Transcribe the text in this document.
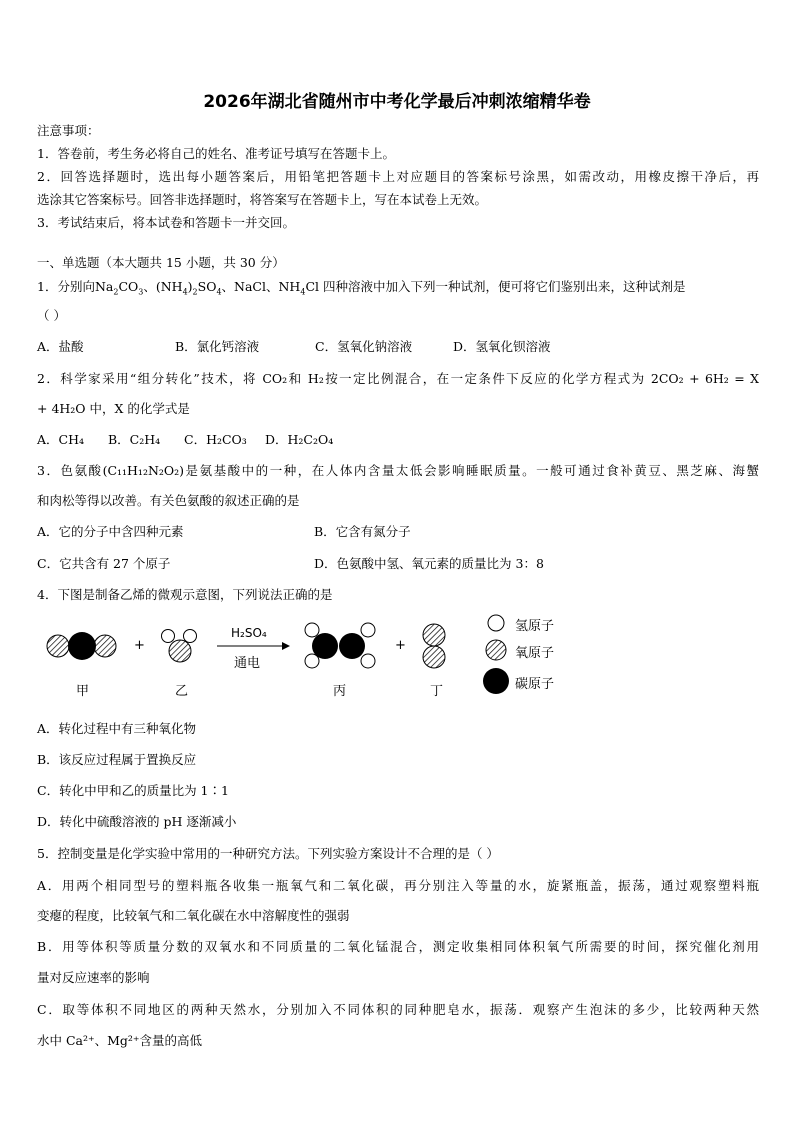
2026年湖北省随州市中考化学最后冲刺浓缩精华卷
注意事项：
1．答卷前，考生务必将自己的姓名、准考证号填写在答题卡上。
2．回答选择题时，选出每小题答案后，用铅笔把答题卡上对应题目的答案标号涂黑，如需改动，用橡皮擦干净后，再
选涂其它答案标号。回答非选择题时，将答案写在答题卡上，写在本试卷上无效。
3．考试结束后，将本试卷和答题卡一并交回。
一、单选题（本大题共 15 小题，共 30 分）
1．分别向$Na_2CO_3$、$(NH_4)_2SO_4$、NaCl、$NH_4Cl$ 四种溶液中加入下列一种试剂，便可将它们鉴别出来，这种试剂是
（ ）
A．盐酸	B．氯化钙溶液	C．氢氧化钠溶液	D．氢氧化钡溶液
2．科学家采用“组分转化”技术，将 CO₂和 H₂按一定比例混合，在一定条件下反应的化学方程式为 2CO₂ + 6H₂ = X
+ 4H₂O 中，X 的化学式是
A．CH₄ B．C₂H₄ C．H₂CO₃ D．H₂C₂O₄
3．色氨酸(C₁₁H₁₂N₂O₂)是氨基酸中的一种，在人体内含量太低会影响睡眠质量。一般可通过食补黄豆、黑芝麻、海蟹
和肉松等得以改善。有关色氨酸的叙述正确的是
A．它的分子中含四种元素	B．它含有氮分子
C．它共含有 27 个原子	D．色氨酸中氢、氧元素的质量比为 3：8
4．下图是制备乙烯的微观示意图，下列说法正确的是
+	+
H₂SO₄
通电
甲	乙	丙	丁
氢原子
氧原子
碳原子
A．转化过程中有三种氧化物
B．该反应过程属于置换反应
C．转化中甲和乙的质量比为 1∶1
D．转化中硫酸溶液的 pH 逐渐减小
5．控制变量是化学实验中常用的一种研究方法。下列实验方案设计不合理的是（ ）
A．用两个相同型号的塑料瓶各收集一瓶氧气和二氧化碳，再分别注入等量的水，旋紧瓶盖，振荡，通过观察塑料瓶
变瘪的程度，比较氧气和二氧化碳在水中溶解度性的强弱
B．用等体积等质量分数的双氧水和不同质量的二氧化锰混合，测定收集相同体积氧气所需要的时间，探究催化剂用
量对反应速率的影响
C．取等体积不同地区的两种天然水，分别加入不同体积的同种肥皂水，振荡．观察产生泡沫的多少，比较两种天然
水中 Ca²⁺、Mg²⁺含量的高低
